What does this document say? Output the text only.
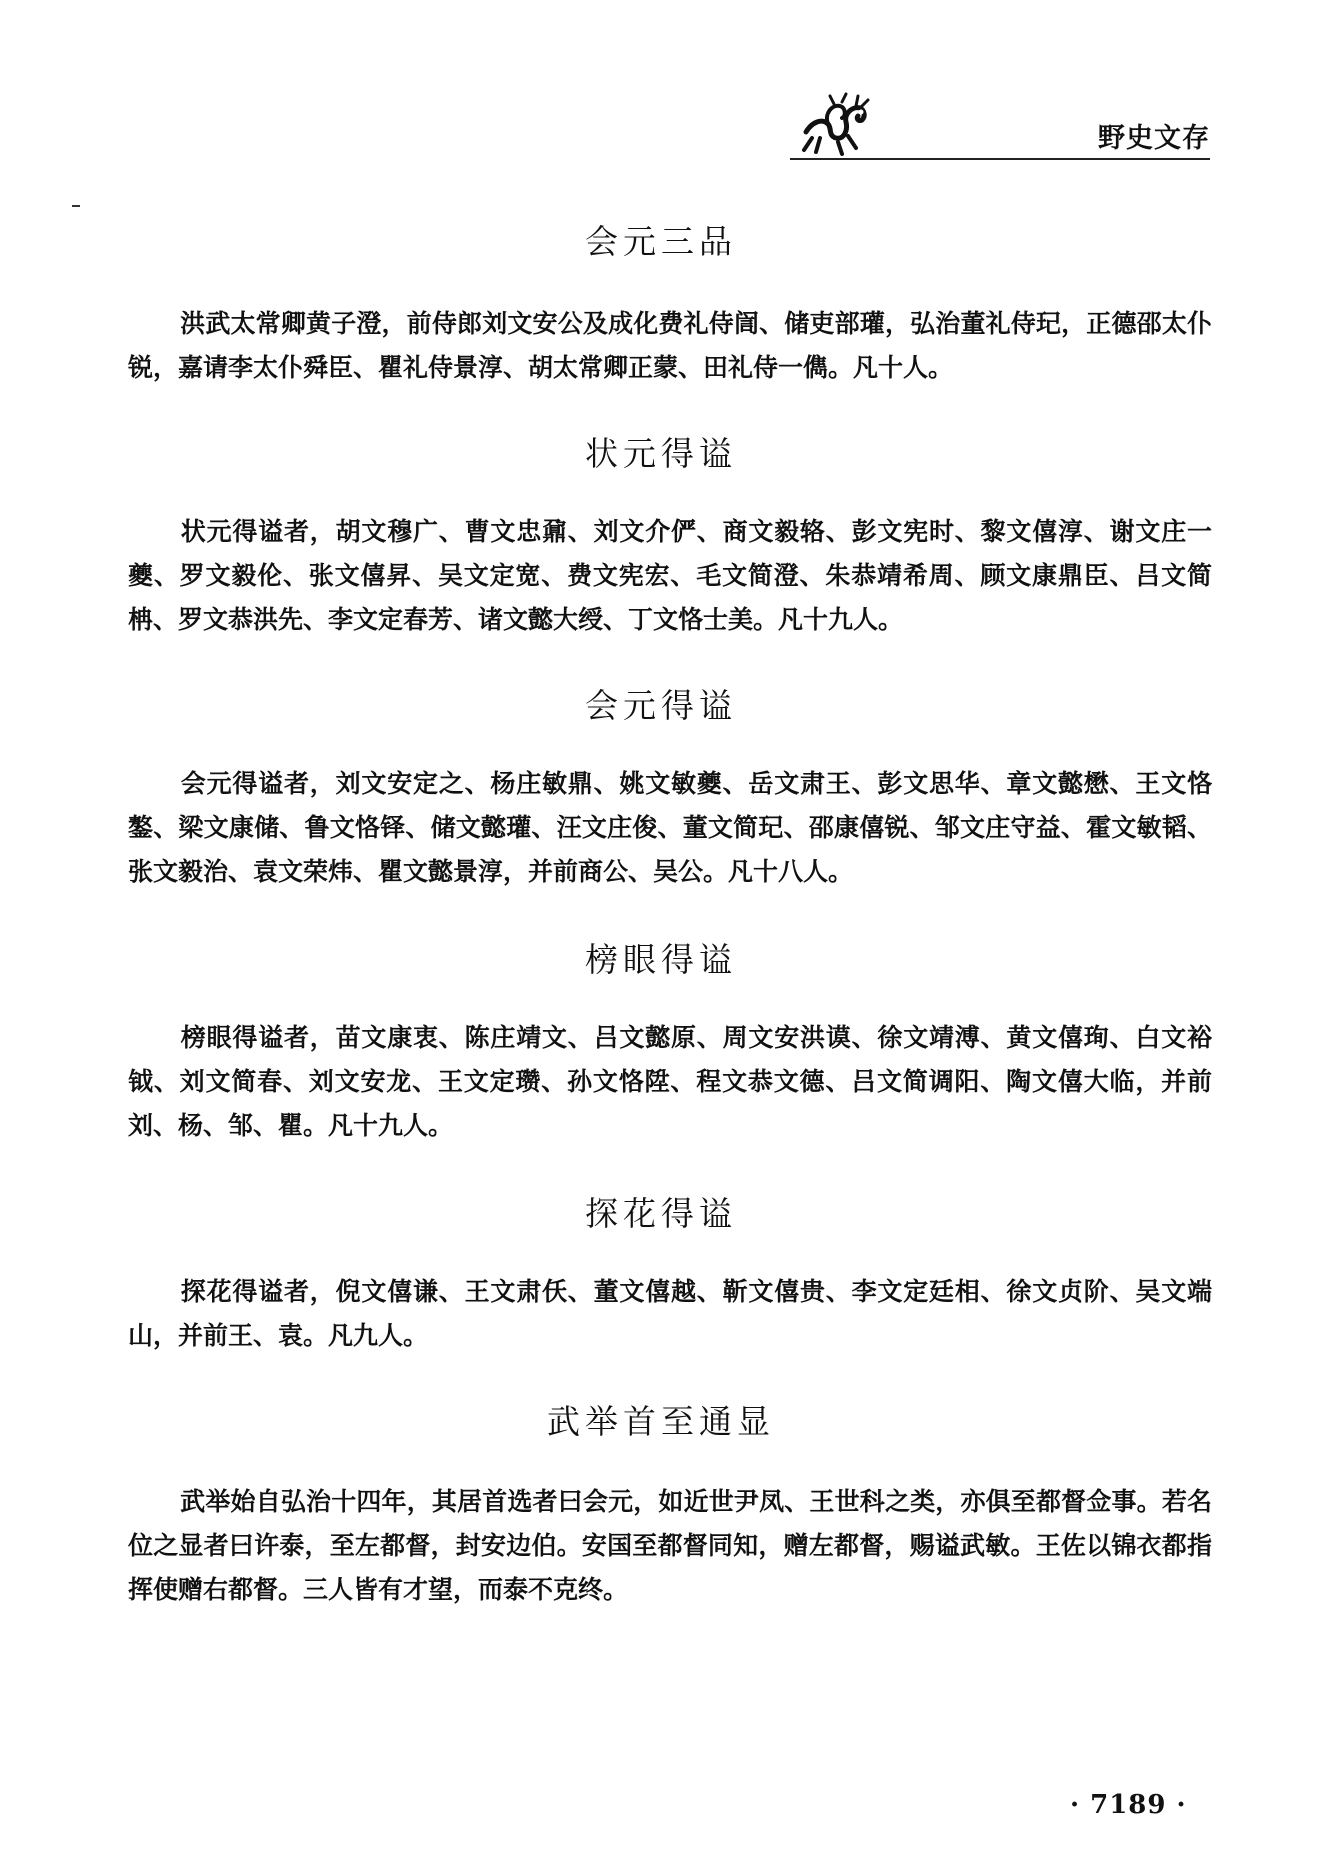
野史文存
会元三品

洪武太常卿黄子澄，前侍郎刘文安公及成化费礼侍訚、储吏部瓘，弘治董礼侍玘，正德邵太仆锐，嘉请李太仆舜臣、瞿礼侍景淳、胡太常卿正蒙、田礼侍一儁。凡十人。

状元得谥

状元得谥者，胡文穆广、曹文忠鼐、刘文介俨、商文毅辂、彭文宪时、黎文僖淳、谢文庄一夔、罗文毅伦、张文僖昇、吴文定宽、费文宪宏、毛文简澄、朱恭靖希周、顾文康鼎臣、吕文简柟、罗文恭洪先、李文定春芳、诸文懿大绶、丁文恪士美。凡十九人。

会元得谥

会元得谥者，刘文安定之、杨庄敏鼎、姚文敏夔、岳文肃王、彭文思华、章文懿懋、王文恪鏊、梁文康储、鲁文恪铎、储文懿瓘、汪文庄俊、董文简玘、邵康僖锐、邹文庄守益、霍文敏韬、张文毅治、袁文荣炜、瞿文懿景淳，并前商公、吴公。凡十八人。

榜眼得谥

榜眼得谥者，苗文康衷、陈庄靖文、吕文懿原、周文安洪谟、徐文靖溥、黄文僖珣、白文裕钺、刘文简春、刘文安龙、王文定瓒、孙文恪陞、程文恭文德、吕文简调阳、陶文僖大临，并前刘、杨、邹、瞿。凡十九人。

探花得谥

探花得谥者，倪文僖谦、王文肃仸、董文僖越、靳文僖贵、李文定廷相、徐文贞阶、吴文端山，并前王、袁。凡九人。

武举首至通显

武举始自弘治十四年，其居首选者曰会元，如近世尹凤、王世科之类，亦俱至都督佥事。若名位之显者曰许泰，至左都督，封安边伯。安国至都督同知，赠左都督，赐谥武敏。王佐以锦衣都指挥使赠右都督。三人皆有才望，而泰不克终。

· 7189 ·
